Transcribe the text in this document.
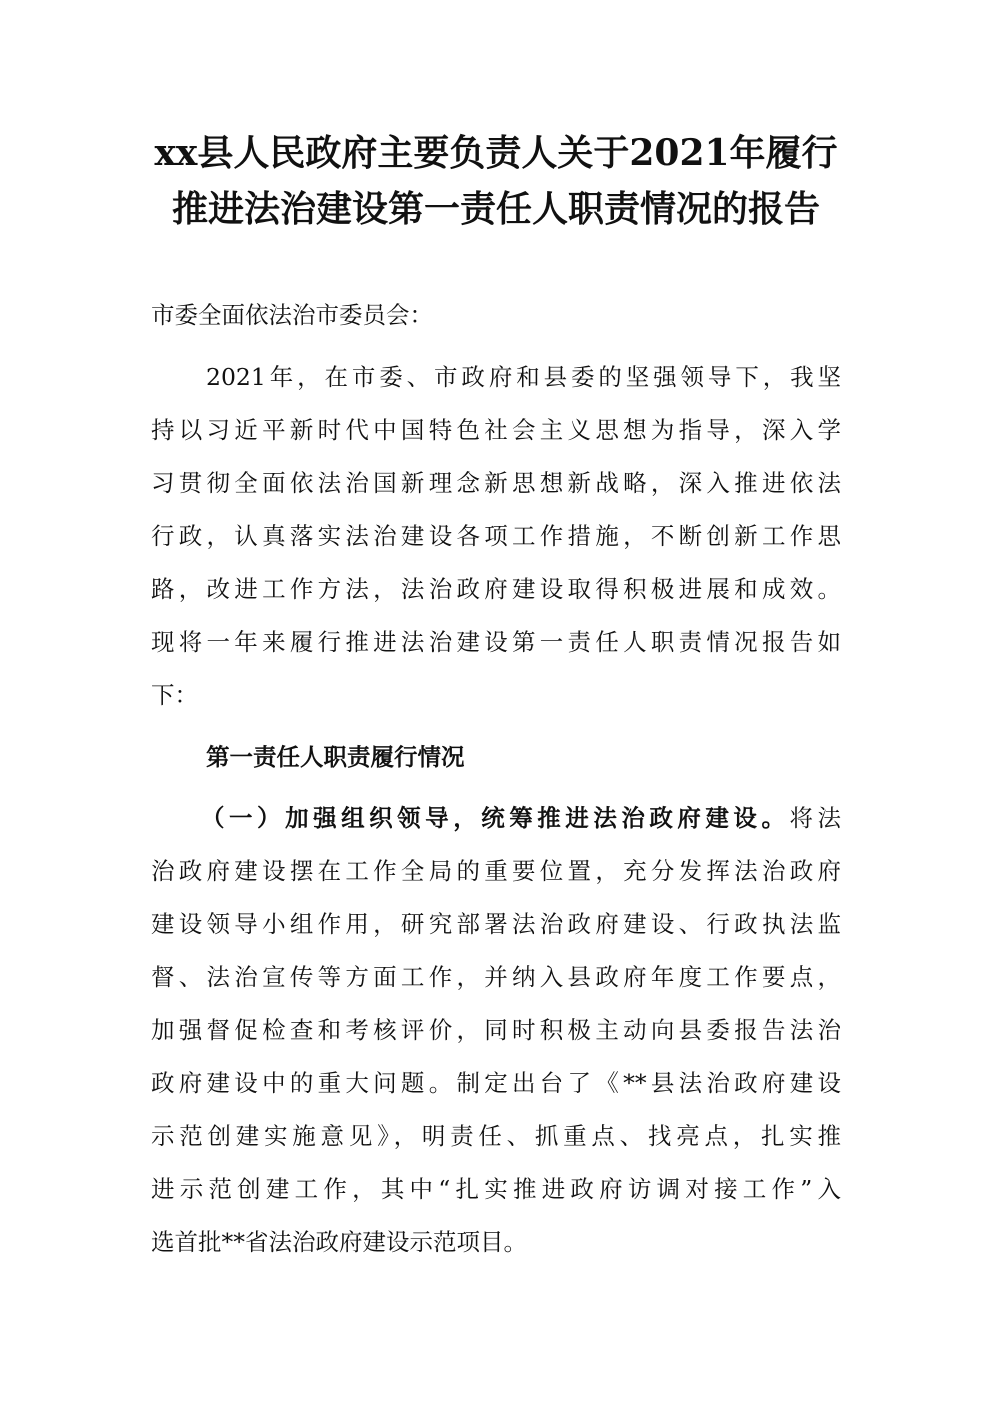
xx县人民政府主要负责人关于2021年履行
推进法治建设第一责任人职责情况的报告
市委全面依法治市委员会：
2021年，在市委、市政府和县委的坚强领导下，我坚
持以习近平新时代中国特色社会主义思想为指导，深入学
习贯彻全面依法治国新理念新思想新战略，深入推进依法
行政，认真落实法治建设各项工作措施，不断创新工作思
路，改进工作方法，法治政府建设取得积极进展和成效。
现将一年来履行推进法治建设第一责任人职责情况报告如
下：
第一责任人职责履行情况
（一）加强组织领导，统筹推进法治政府建设。将法
治政府建设摆在工作全局的重要位置，充分发挥法治政府
建设领导小组作用，研究部署法治政府建设、行政执法监
督、法治宣传等方面工作，并纳入县政府年度工作要点，
加强督促检查和考核评价，同时积极主动向县委报告法治
政府建设中的重大问题。制定出台了《**县法治政府建设
示范创建实施意见》，明责任、抓重点、找亮点，扎实推
进示范创建工作，其中“扎实推进政府访调对接工作”入
选首批**省法治政府建设示范项目。
